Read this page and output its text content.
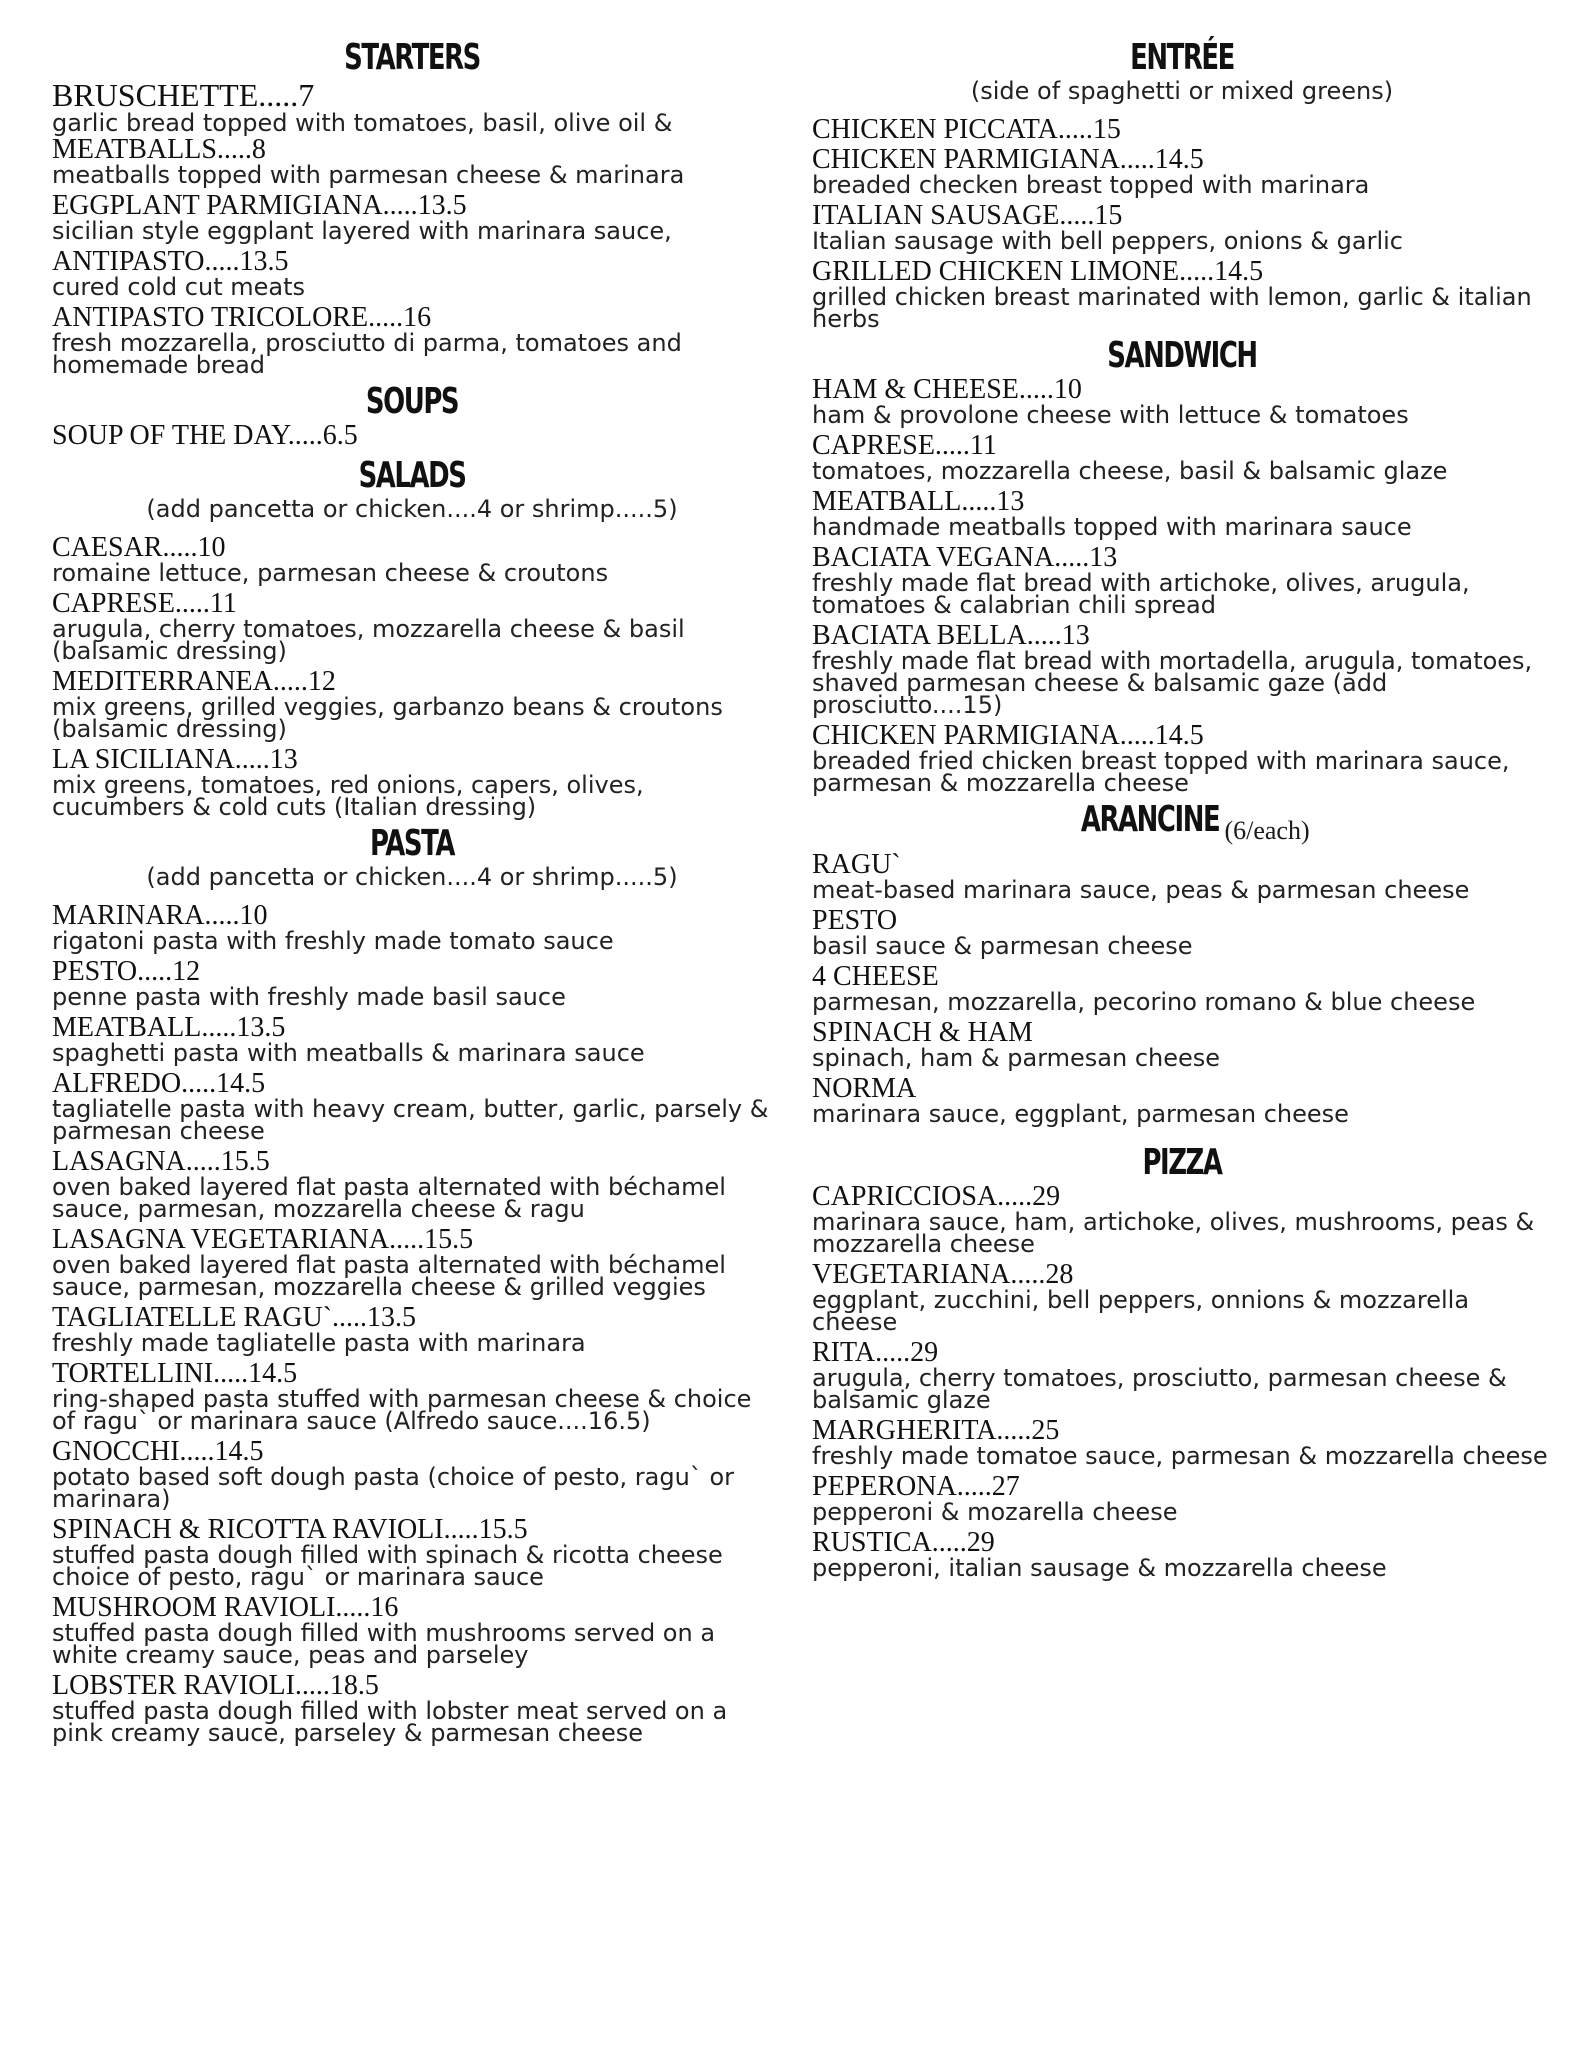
STARTERS
BRUSCHETTE.....7
garlic bread topped with tomatoes, basil, olive oil &
MEATBALLS.....8
meatballs topped with parmesan cheese & marinara
EGGPLANT PARMIGIANA.....13.5
sicilian style eggplant layered with marinara sauce,
ANTIPASTO.....13.5
cured cold cut meats
ANTIPASTO TRICOLORE.....16
fresh mozzarella, prosciutto di parma, tomatoes and homemade bread
SOUPS
SOUP OF THE DAY.....6.5
SALADS
(add pancetta or chicken....4 or shrimp.....5)
CAESAR.....10
romaine lettuce, parmesan cheese & croutons
CAPRESE.....11
arugula, cherry tomatoes, mozzarella cheese & basil (balsamic dressing)
MEDITERRANEA.....12
mix greens, grilled veggies, garbanzo beans & croutons (balsamic dressing)
LA SICILIANA.....13
mix greens, tomatoes, red onions, capers, olives, cucumbers & cold cuts (Italian dressing)
PASTA
(add pancetta or chicken....4 or shrimp.....5)
MARINARA.....10
rigatoni pasta with freshly made tomato sauce
PESTO.....12
penne pasta with freshly made basil sauce
MEATBALL.....13.5
spaghetti pasta with meatballs & marinara sauce
ALFREDO.....14.5
tagliatelle pasta with heavy cream, butter, garlic, parsely & parmesan cheese
LASAGNA.....15.5
oven baked layered flat pasta alternated with béchamel sauce, parmesan, mozzarella cheese & ragu
LASAGNA VEGETARIANA.....15.5
oven baked layered flat pasta alternated with béchamel sauce, parmesan, mozzarella cheese & grilled veggies
TAGLIATELLE RAGU`.....13.5
freshly made tagliatelle pasta with marinara
TORTELLINI.....14.5
ring-shaped pasta stuffed with parmesan cheese & choice of ragu` or marinara sauce (Alfredo sauce....16.5)
GNOCCHI.....14.5
potato based soft dough pasta (choice of pesto, ragu` or marinara)
SPINACH & RICOTTA RAVIOLI.....15.5
stuffed pasta dough filled with spinach & ricotta cheese choice of pesto, ragu` or marinara sauce
MUSHROOM RAVIOLI.....16
stuffed pasta dough filled with mushrooms served on a white creamy sauce, peas and parseley
LOBSTER RAVIOLI.....18.5
stuffed pasta dough filled with lobster meat served on a pink creamy sauce, parseley & parmesan cheese
ENTRÉE
(side of spaghetti or mixed greens)
CHICKEN PICCATA.....15
CHICKEN PARMIGIANA.....14.5
breaded checken breast topped with marinara
ITALIAN SAUSAGE.....15
Italian sausage with bell peppers, onions & garlic
GRILLED CHICKEN LIMONE.....14.5
grilled chicken breast marinated with lemon, garlic & italian herbs
SANDWICH
HAM & CHEESE.....10
ham & provolone cheese with lettuce & tomatoes
CAPRESE.....11
tomatoes, mozzarella cheese, basil & balsamic glaze
MEATBALL.....13
handmade meatballs topped with marinara sauce
BACIATA VEGANA.....13
freshly made flat bread with artichoke, olives, arugula, tomatoes & calabrian chili spread
BACIATA BELLA.....13
freshly made flat bread with mortadella, arugula, tomatoes, shaved parmesan cheese & balsamic gaze (add prosciutto....15)
CHICKEN PARMIGIANA.....14.5
breaded fried chicken breast topped with marinara sauce, parmesan & mozzarella cheese
ARANCINE (6/each)
RAGU`
meat-based marinara sauce, peas & parmesan cheese
PESTO
basil sauce & parmesan cheese
4 CHEESE
parmesan, mozzarella, pecorino romano & blue cheese
SPINACH & HAM
spinach, ham & parmesan cheese
NORMA
marinara sauce, eggplant, parmesan cheese
PIZZA
CAPRICCIOSA.....29
marinara sauce, ham, artichoke, olives, mushrooms, peas & mozzarella cheese
VEGETARIANA.....28
eggplant, zucchini, bell peppers, onnions & mozzarella cheese
RITA.....29
arugula, cherry tomatoes, prosciutto, parmesan cheese & balsamic glaze
MARGHERITA.....25
freshly made tomatoe sauce, parmesan & mozzarella cheese
PEPERONA.....27
pepperoni & mozarella cheese
RUSTICA.....29
pepperoni, italian sausage & mozzarella cheese
